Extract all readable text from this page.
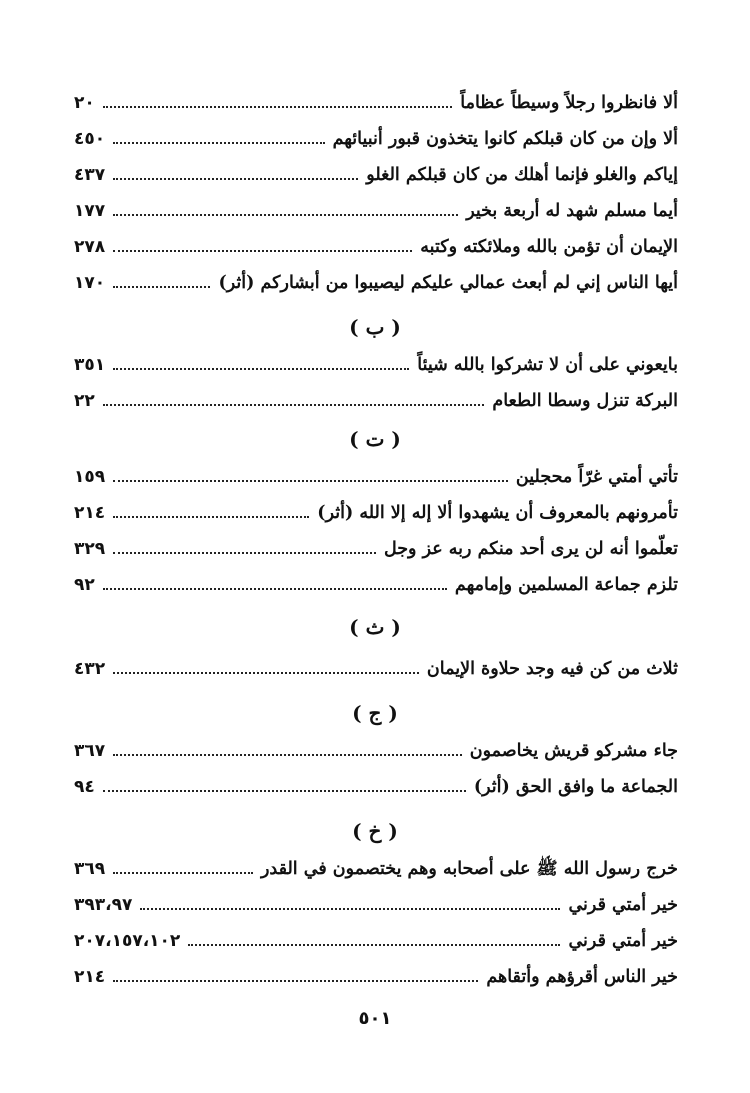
ألا فانظروا رجلاً وسيطاً عظاماً
٢٠
ألا وإن من كان قبلكم كانوا يتخذون قبور أنبيائهم
٤٥٠
إياكم والغلو فإنما أهلك من كان قبلكم الغلو
٤٣٧
أيما مسلم شهد له أربعة بخير
١٧٧
الإيمان أن تؤمن بالله وملائكته وكتبه
٢٧٨
أيها الناس إني لم أبعث عمالي عليكم ليصيبوا من أبشاركم (أثر)
١٧٠
( ب )
بايعوني على أن لا تشركوا بالله شيئاً
٣٥١
البركة تنزل وسطا الطعام
٢٢
( ت )
تأتي أمتي غرّاً محجلين
١٥٩
تأمرونهم بالمعروف أن يشهدوا ألا إله إلا الله (أثر)
٢١٤
تعلّموا أنه لن يرى أحد منكم ربه عز وجل
٣٢٩
تلزم جماعة المسلمين وإمامهم
٩٢
( ث )
ثلاث من كن فيه وجد حلاوة الإيمان
٤٣٢
( ج )
جاء مشركو قريش يخاصمون
٣٦٧
الجماعة ما وافق الحق (أثر)
٩٤
( خ )
خرج رسول الله ﷺ على أصحابه وهم يختصمون في القدر
٣٦٩
خير أمتي قرني
٣٩٣،٩٧
خير أمتي قرني
٢٠٧،١٥٧،١٠٢
خير الناس أقرؤهم وأتقاهم
٢١٤
٥٠١
